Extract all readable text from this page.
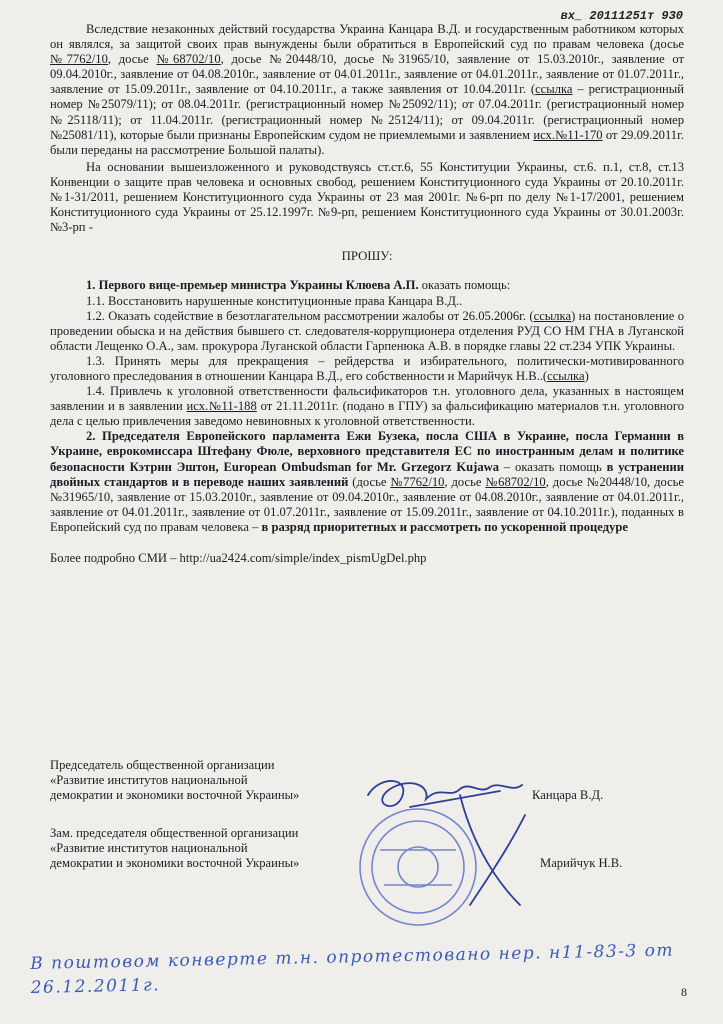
вх_ 20111251т 930

Вследствие незаконных действий государства Украина Канцара В.Д. и государственным работником которых он являлся, за защитой своих прав вынуждены были обратиться в Европейский суд по правам человека (досье №7762/10, досье №68702/10, досье №20448/10, досье №31965/10, заявление от 15.03.2010г., заявление от 09.04.2010г., заявление от 04.08.2010г., заявление от 04.01.2011г., заявление от 04.01.2011г., заявление от 01.07.2011г., заявление от 15.09.2011г., заявление от 04.10.2011г., а также заявления от 10.04.2011г. (ссылка – регистрационный номер №25079/11); от 08.04.2011г. (регистрационный номер №25092/11); от 07.04.2011г. (регистрационный номер №25118/11); от 11.04.2011г. (регистрационный номер №25124/11); от 09.04.2011г. (регистрационный номер №25081/11), которые были признаны Европейским судом не приемлемыми и заявлением исх.№11-170 от 29.09.2011г. были переданы на рассмотрение Большой палаты).

На основании вышеизложенного и руководствуясь ст.ст.6, 55 Конституции Украины, ст.6. п.1, ст.8, ст.13 Конвенции о защите прав человека и основных свобод, решением Конституционного суда Украины от 20.10.2011г. №1-31/2011, решением Конституционного суда Украины от 23 мая 2001г. №6-рп по делу №1-17/2001, решением Конституционного суда Украины от 25.12.1997г. №9-рп, решением Конституционного суда Украины от 30.01.2003г. №3-рп -

ПРОШУ:

1. Первого вице-премьер министра Украины Клюева А.П. оказать помощь:

1.1. Восстановить нарушенные конституционные права Канцара В.Д..

1.2. Оказать содействие в безотлагательном рассмотрении жалобы от 26.05.2006г. (ссылка) на постановление о проведении обыска и на действия бывшего ст. следователя-коррупционера отделения РУД СО НМ ГНА в Луганской области Лещенко О.А., зам. прокурора Луганской области Гарпенюка А.В. в порядке главы 22 ст.234 УПК Украины.

1.3. Принять меры для прекращения – рейдерства и избирательного, политически-мотивированного уголовного преследования в отношении Канцара В.Д., его собственности и Марийчук Н.В..(ссылка)

1.4. Привлечь к уголовной ответственности фальсификаторов т.н. уголовного дела, указанных в настоящем заявлении и в заявлении исх.№11-188 от 21.11.2011г. (подано в ГПУ) за фальсификацию материалов т.н. уголовного дела с целью привлечения заведомо невиновных к уголовной ответственности.

2. Председателя Европейского парламента Ежи Бузека, посла США в Украине, посла Германии в Украине, еврокомиссара Штефану Фюле, верховного представителя ЕС по иностранным делам и политике безопасности Кэтрин Эштон, European Ombudsman for Mr. Grzegorz Kujawa – оказать помощь в устранении двойных стандартов и в переводе наших заявлений (досье №7762/10, досье №68702/10, досье №20448/10, досье №31965/10, заявление от 15.03.2010г., заявление от 09.04.2010г., заявление от 04.08.2010г., заявление от 04.01.2011г., заявление от 04.01.2011г., заявление от 01.07.2011г., заявление от 15.09.2011г., заявление от 04.10.2011г.), поданных в Европейский суд по правам человека – в разряд приоритетных и рассмотреть по ускоренной процедуре

Более подробно СМИ – http://ua2424.com/simple/index_pismUgDel.php

Председатель общественной организации
«Развитие институтов национальной
демократии и экономики восточной Украины»	Канцара В.Д.
Зам. председателя общественной организации
«Развитие институтов национальной
демократии и экономики восточной Украины»	Марийчук Н.В.
В поштовом конверте т.н. опротестовано нер. н11-83-3 от 26.12.2011г.	8
